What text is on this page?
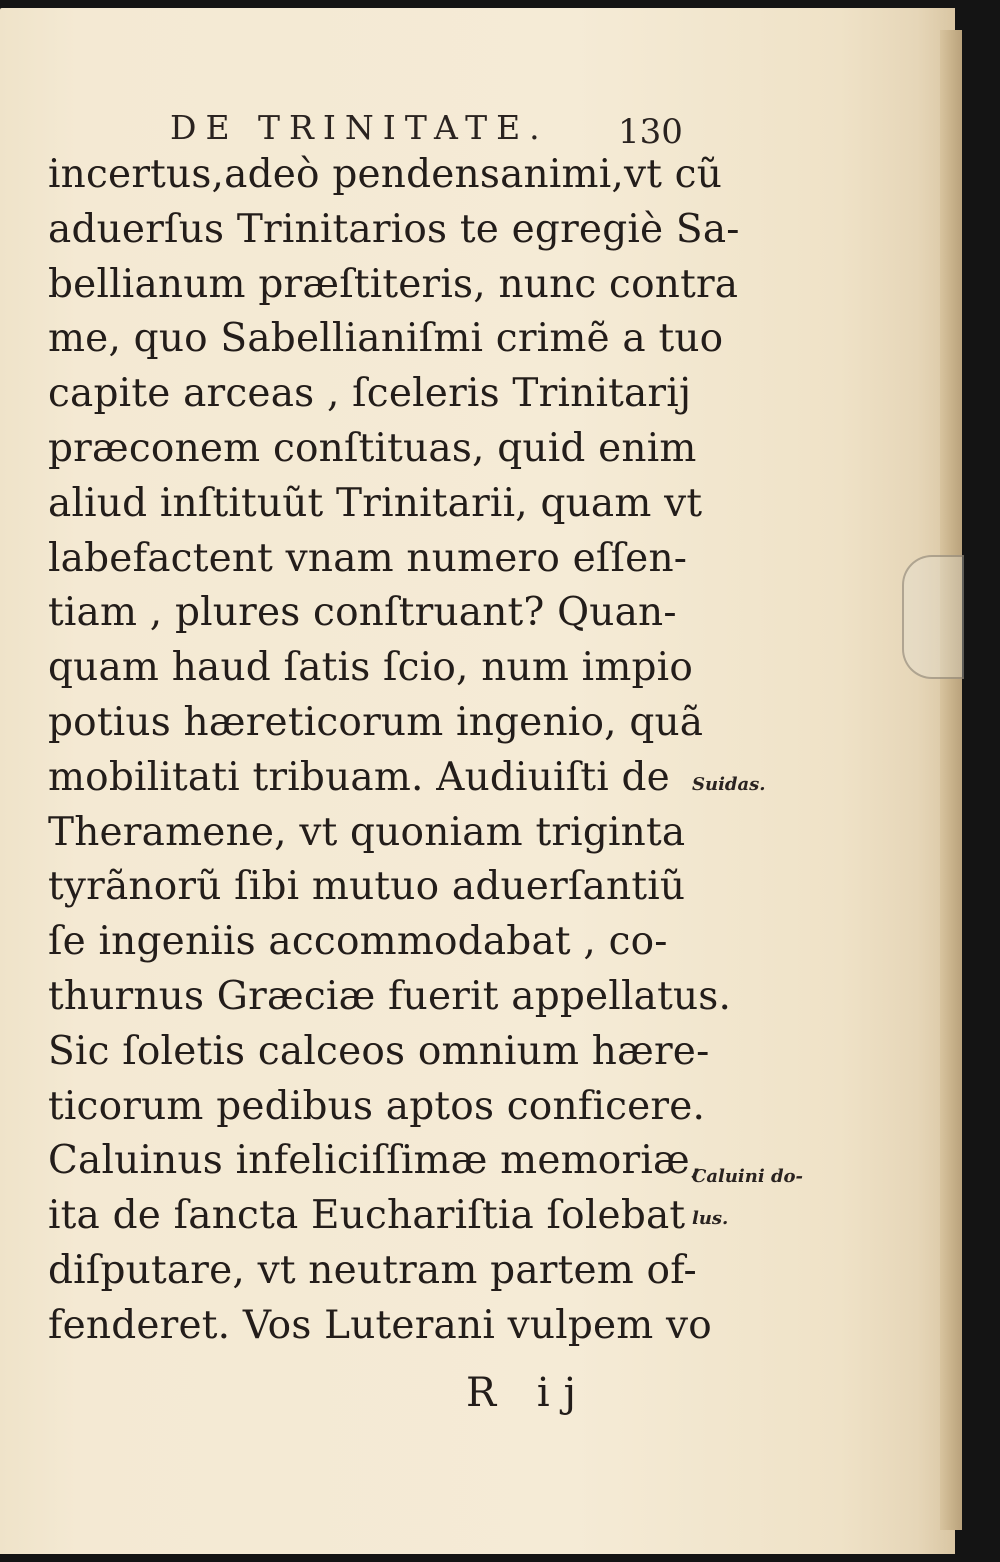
DE TRINITATE. 130
incertus,adeò pendensanimi,vt cũ
aduerſus Trinitarios te egregiè Sa-
bellianum præſtiteris, nunc contra
me, quo Sabellianiſmi crimẽ a tuo
capite arceas , ſceleris Trinitarij
præconem conſtituas, quid enim
aliud inſtituũt Trinitarii, quam vt
labefactent vnam numero eſſen-
tiam , plures conſtruant? Quan-
quam haud ſatis ſcio, num impio
potius hæreticorum ingenio, quã
mobilitati tribuam. Audiuiſti de
Theramene, vt quoniam triginta
tyrãnorũ ſibi mutuo aduerſantiũ
ſe ingeniis accommodabat , co-
thurnus Græciæ fuerit appellatus.
Sic ſoletis calceos omnium hære-
ticorum pedibus aptos conficere.
Caluinus infeliciſſimæ memoriæ,
ita de ſancta Euchariſtia ſolebat
diſputare, vt neutram partem of-
fenderet. Vos Luterani vulpem vo
Suidas.
Caluini do-
lus.
R ij
